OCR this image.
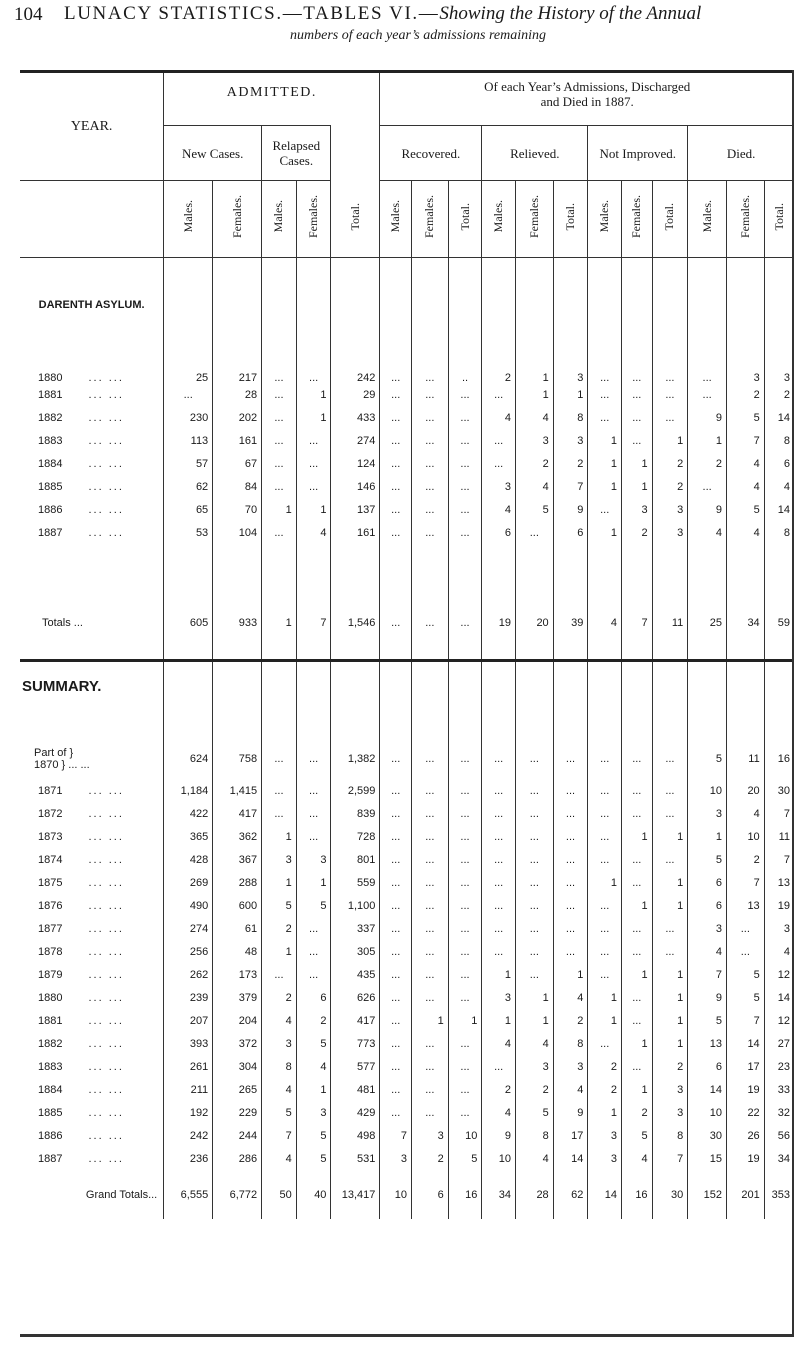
104 LUNACY STATISTICS.—TABLES VI.—Showing the History of the Annual
numbers of each year’s admissions remaining
YEAR.	ADMITTED.					Of each Year’s Admissions, Discharged
and Died in 1887.											
	New Cases.		Relapsed Cases.			Recovered.			Relieved.			Not Improved.			Died.		
	Males.	Females.	Males.	Females.	Total.	Males.	Females.	Total.	Males.	Females.	Total.	Males.	Females.	Total.	Males.	Females.	Total.
DARENTH ASYLUM.																	
1880 ... ...	25	217	...	...	242	...	...	..	2	1	3	...	...	...	...	3	3
1881 ... ...	...	28	...	1	29	...	...	...	...	1	1	...	...	...	...	2	2
1882 ... ...	230	202	...	1	433	...	...	...	4	4	8	...	...	...	9	5	14
1883 ... ...	113	161	...	...	274	...	...	...	...	3	3	1	...	1	1	7	8
1884 ... ...	57	67	...	...	124	...	...	...	...	2	2	1	1	2	2	4	6
1885 ... ...	62	84	...	...	146	...	...	...	3	4	7	1	1	2	...	4	4
1886 ... ...	65	70	1	1	137	...	...	...	4	5	9	...	3	3	9	5	14
1887 ... ...	53	104	...	4	161	...	...	...	6	...	6	1	2	3	4	4	8
Totals ...	605	933	1	7	1,546	...	...	...	19	20	39	4	7	11	25	34	59
SUMMARY.																	
Part of }
1870 } ... ...	624	758	...	...	1,382	...	...	...	...	...	...	...	...	...	5	11	16
1871 ... ...	1,184	1,415	...	...	2,599	...	...	...	...	...	...	...	...	...	10	20	30
1872 ... ...	422	417	...	...	839	...	...	...	...	...	...	...	...	...	3	4	7
1873 ... ...	365	362	1	...	728	...	...	...	...	...	...	...	1	1	1	10	11
1874 ... ...	428	367	3	3	801	...	...	...	...	...	...	...	...	...	5	2	7
1875 ... ...	269	288	1	1	559	...	...	...	...	...	...	1	...	1	6	7	13
1876 ... ...	490	600	5	5	1,100	...	...	...	...	...	...	...	1	1	6	13	19
1877 ... ...	274	61	2	...	337	...	...	...	...	...	...	...	...	...	3	...	3
1878 ... ...	256	48	1	...	305	...	...	...	...	...	...	...	...	...	4	...	4
1879 ... ...	262	173	...	...	435	...	...	...	1	...	1	...	1	1	7	5	12
1880 ... ...	239	379	2	6	626	...	...	...	3	1	4	1	...	1	9	5	14
1881 ... ...	207	204	4	2	417	...	1	1	1	1	2	1	...	1	5	7	12
1882 ... ...	393	372	3	5	773	...	...	...	4	4	8	...	1	1	13	14	27
1883 ... ...	261	304	8	4	577	...	...	...	...	3	3	2	...	2	6	17	23
1884 ... ...	211	265	4	1	481	...	...	...	2	2	4	2	1	3	14	19	33
1885 ... ...	192	229	5	3	429	...	...	...	4	5	9	1	2	3	10	22	32
1886 ... ...	242	244	7	5	498	7	3	10	9	8	17	3	5	8	30	26	56
1887 ... ...	236	286	4	5	531	3	2	5	10	4	14	3	4	7	15	19	34
Grand Totals...	6,555	6,772	50	40	13,417	10	6	16	34	28	62	14	16	30	152	201	353
